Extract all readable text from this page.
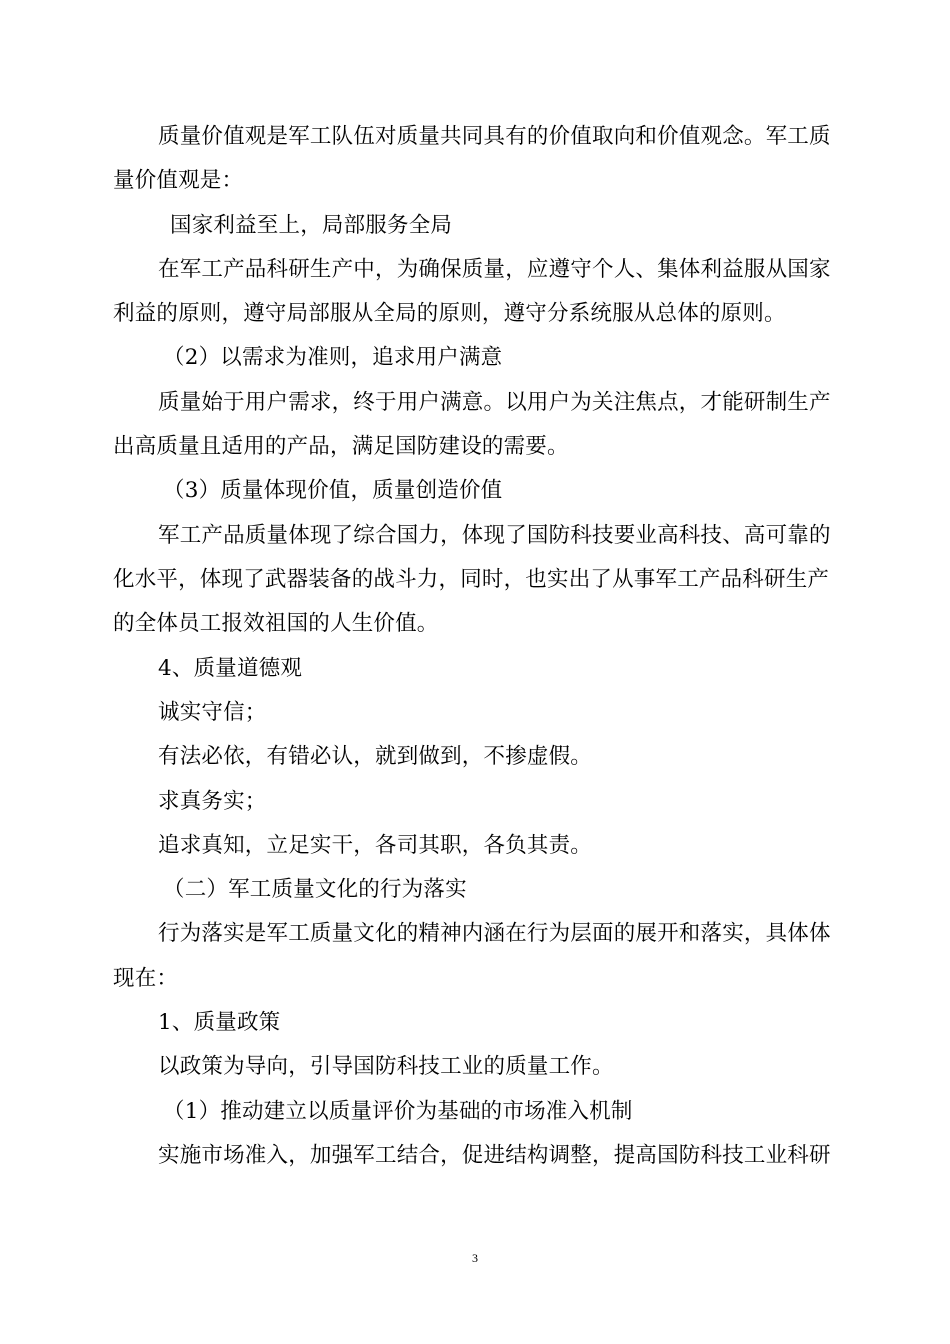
质量价值观是军工队伍对质量共同具有的价值取向和价值观念。军工质
量价值观是：
国家利益至上，局部服务全局
在军工产品科研生产中，为确保质量，应遵守个人、集体利益服从国家
利益的原则，遵守局部服从全局的原则，遵守分系统服从总体的原则。
（2）以需求为准则，追求用户满意
质量始于用户需求，终于用户满意。以用户为关注焦点，才能研制生产
出高质量且适用的产品，满足国防建设的需要。
（3）质量体现价值，质量创造价值
军工产品质量体现了综合国力，体现了国防科技要业高科技、高可靠的
化水平，体现了武器装备的战斗力，同时，也实出了从事军工产品科研生产
的全体员工报效祖国的人生价值。
4、质量道德观
诚实守信；
有法必依，有错必认，就到做到，不掺虚假。
求真务实；
追求真知，立足实干，各司其职，各负其责。
（二）军工质量文化的行为落实
行为落实是军工质量文化的精神内涵在行为层面的展开和落实，具体体
现在：
1、质量政策
以政策为导向，引导国防科技工业的质量工作。
（1）推动建立以质量评价为基础的市场准入机制
实施市场准入，加强军工结合，促进结构调整，提高国防科技工业科研
3
